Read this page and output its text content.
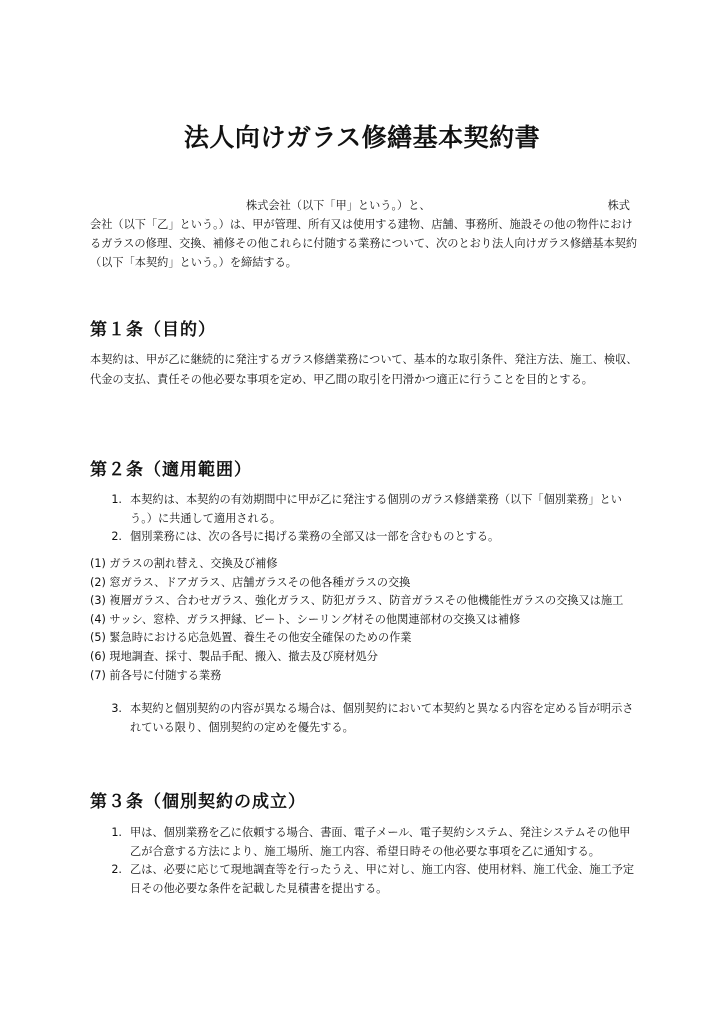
法人向けガラス修繕基本契約書
株式会社（以下「甲」という。）と、	株式
会社（以下「乙」という。）は、甲が管理、所有又は使用する建物、店舗、事務所、施設その他の物件におけるガラスの修理、交換、補修その他これらに付随する業務について、次のとおり法人向けガラス修繕基本契約（以下「本契約」という。）を締結する。
第１条（目的）

本契約は、甲が乙に継続的に発注するガラス修繕業務について、基本的な取引条件、発注方法、施工、検収、代金の支払、責任その他必要な事項を定め、甲乙間の取引を円滑かつ適正に行うことを目的とする。

第２条（適用範囲）
1. 本契約は、本契約の有効期間中に甲が乙に発注する個別のガラス修繕業務（以下「個別業務」という。）に共通して適用される。
2. 個別業務には、次の各号に掲げる業務の全部又は一部を含むものとする。
(1) ガラスの割れ替え、交換及び補修
(2) 窓ガラス、ドアガラス、店舗ガラスその他各種ガラスの交換
(3) 複層ガラス、合わせガラス、強化ガラス、防犯ガラス、防音ガラスその他機能性ガラスの交換又は施工
(4) サッシ、窓枠、ガラス押縁、ビート、シーリング材その他関連部材の交換又は補修
(5) 緊急時における応急処置、養生その他安全確保のための作業
(6) 現地調査、採寸、製品手配、搬入、撤去及び廃材処分
(7) 前各号に付随する業務
3. 本契約と個別契約の内容が異なる場合は、個別契約において本契約と異なる内容を定める旨が明示されている限り、個別契約の定めを優先する。
第３条（個別契約の成立）
1. 甲は、個別業務を乙に依頼する場合、書面、電子メール、電子契約システム、発注システムその他甲乙が合意する方法により、施工場所、施工内容、希望日時その他必要な事項を乙に通知する。
2. 乙は、必要に応じて現地調査等を行ったうえ、甲に対し、施工内容、使用材料、施工代金、施工予定日その他必要な条件を記載した見積書を提出する。
